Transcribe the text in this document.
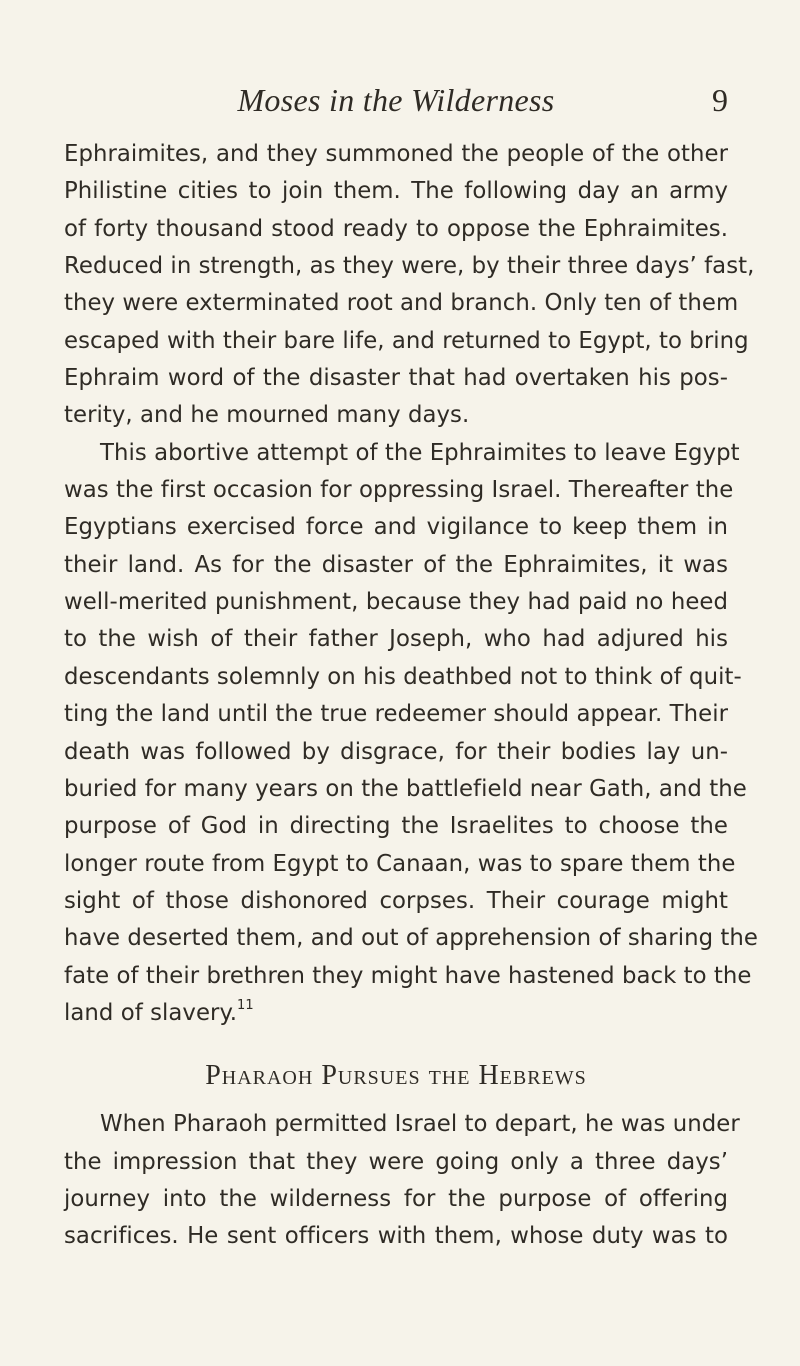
Moses in the Wilderness	9
Ephraimites, and they summoned the people of the other
Philistine cities to join them. The following day an army
of forty thousand stood ready to oppose the Ephraimites.
Reduced in strength, as they were, by their three days’ fast,
they were exterminated root and branch. Only ten of them
escaped with their bare life, and returned to Egypt, to bring
Ephraim word of the disaster that had overtaken his pos-
terity, and he mourned many days.
This abortive attempt of the Ephraimites to leave Egypt
was the first occasion for oppressing Israel. Thereafter the
Egyptians exercised force and vigilance to keep them in
their land. As for the disaster of the Ephraimites, it was
well-merited punishment, because they had paid no heed
to the wish of their father Joseph, who had adjured his
descendants solemnly on his deathbed not to think of quit-
ting the land until the true redeemer should appear. Their
death was followed by disgrace, for their bodies lay un-
buried for many years on the battlefield near Gath, and the
purpose of God in directing the Israelites to choose the
longer route from Egypt to Canaan, was to spare them the
sight of those dishonored corpses. Their courage might
have deserted them, and out of apprehension of sharing the
fate of their brethren they might have hastened back to the
land of slavery.$^{11}$
Pharaoh Pursues the Hebrews
When Pharaoh permitted Israel to depart, he was under
the impression that they were going only a three days’
journey into the wilderness for the purpose of offering
sacrifices. He sent officers with them, whose duty was to
